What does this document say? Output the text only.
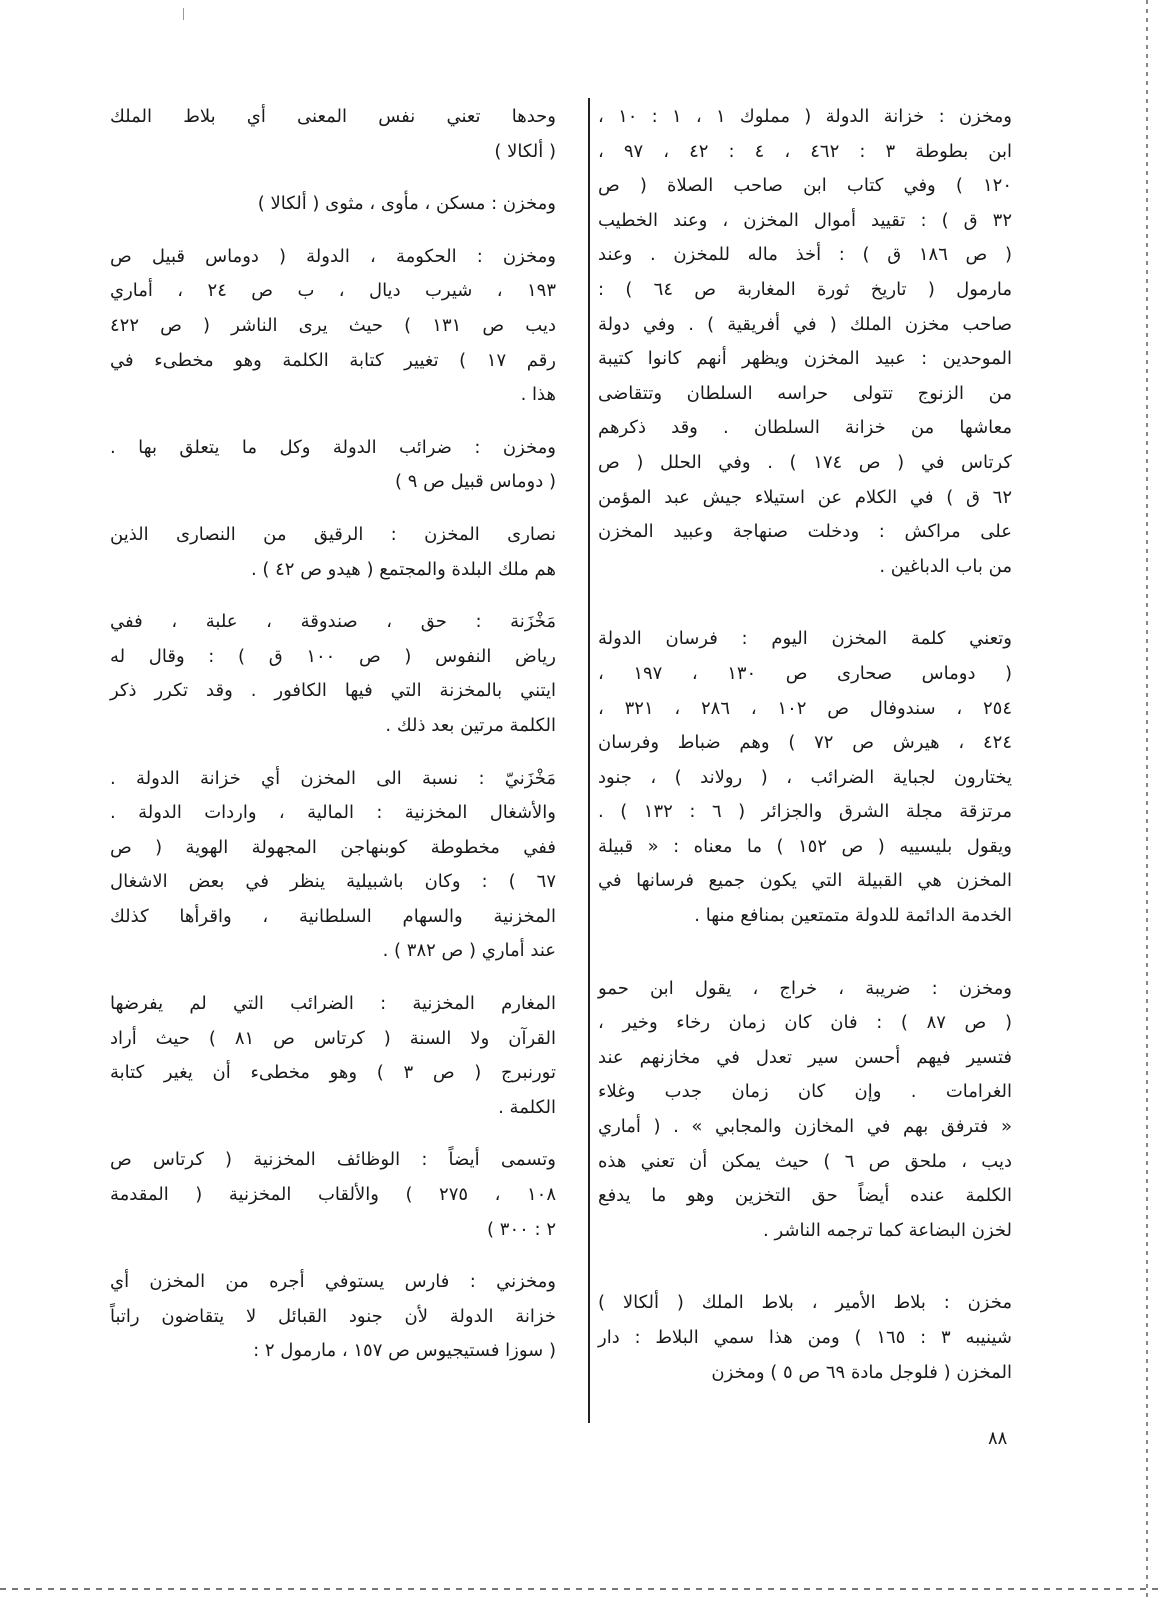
ومخزن : خزانة الدولة ( مملوك ١ ، ١ : ١٠ ،
ابن بطوطة ٣ : ٤٦٢ ، ٤ : ٤٢ ، ٩٧ ،
١٢٠ ) وفي كتاب ابن صاحب الصلاة ( ص
٣٢ ق ) : تقييد أموال المخزن ، وعند الخطيب
( ص ١٨٦ ق ) : أخذ ماله للمخزن . وعند
مارمول ( تاريخ ثورة المغاربة ص ٦٤ ) :
صاحب مخزن الملك ( في أفريقية ) . وفي دولة
الموحدين : عبيد المخزن ويظهر أنهم كانوا كتيبة
من الزنوج تتولى حراسه السلطان وتتقاضى
معاشها من خزانة السلطان . وقد ذكرهم
كرتاس في ( ص ١٧٤ ) . وفي الحلل ( ص
٦٢ ق ) في الكلام عن استيلاء جيش عبد المؤمن
على مراكش : ودخلت صنهاجة وعبيد المخزن
من باب الدباغين .
وتعني كلمة المخزن اليوم : فرسان الدولة
( دوماس صحارى ص ١٣٠ ، ١٩٧ ،
٢٥٤ ، سندوفال ص ١٠٢ ، ٢٨٦ ، ٣٢١ ،
٤٢٤ ، هيرش ص ٧٢ ) وهم ضباط وفرسان
يختارون لجباية الضرائب ، ( رولاند ) ، جنود
مرتزقة مجلة الشرق والجزائر ( ٦ : ١٣٢ ) .
ويقول بليسييه ( ص ١٥٢ ) ما معناه : « قبيلة
المخزن هي القبيلة التي يكون جميع فرسانها في
الخدمة الدائمة للدولة متمتعين بمنافع منها .
ومخزن : ضريبة ، خراج ، يقول ابن حمو
( ص ٨٧ ) : فان كان زمان رخاء وخير ،
فتسير فيهم أحسن سير تعدل في مخازنهم عند
الغرامات . وإن كان زمان جدب وغلاء
« فترفق بهم في المخازن والمجابي » . ( أماري
ديب ، ملحق ص ٦ ) حيث يمكن أن تعني هذه
الكلمة عنده أيضاً حق التخزين وهو ما يدفع
لخزن البضاعة كما ترجمه الناشر .
مخزن : بلاط الأمير ، بلاط الملك ( ألكالا )
شينيبه ٣ : ١٦٥ ) ومن هذا سمي البلاط : دار
المخزن ( فلوجل مادة ٦٩ ص ٥ ) ومخزن
وحدها تعني نفس المعنى أي بلاط الملك
( ألكالا )
ومخزن : مسكن ، مأوى ، مثوى ( ألكالا )
ومخزن : الحكومة ، الدولة ( دوماس قبيل ص
١٩٣ ، شيرب ديال ، ب ص ٢٤ ، أماري
ديب ص ١٣١ ) حيث يرى الناشر ( ص ٤٢٢
رقم ١٧ ) تغيير كتابة الكلمة وهو مخطىء في
هذا .
ومخزن : ضرائب الدولة وكل ما يتعلق بها .
( دوماس قبيل ص ٩ )
نصارى المخزن : الرقيق من النصارى الذين
هم ملك البلدة والمجتمع ( هيدو ص ٤٢ ) .
مَخْزَنة : حق ، صندوقة ، علبة ، ففي
رياض النفوس ( ص ١٠٠ ق ) : وقال له
ايتني بالمخزنة التي فيها الكافور . وقد تكرر ذكر
الكلمة مرتين بعد ذلك .
مَخْزَنيّ : نسبة الى المخزن أي خزانة الدولة .
والأشغال المخزنية : المالية ، واردات الدولة .
ففي مخطوطة كوبنهاجن المجهولة الهوية ( ص
٦٧ ) : وكان باشبيلية ينظر في بعض الاشغال
المخزنية والسهام السلطانية ، واقرأها كذلك
عند أماري ( ص ٣٨٢ ) .
المغارم المخزنية : الضرائب التي لم يفرضها
القرآن ولا السنة ( كرتاس ص ٨١ ) حيث أراد
تورنبرج ( ص ٣ ) وهو مخطىء أن يغير كتابة
الكلمة .
وتسمى أيضاً : الوظائف المخزنية ( كرتاس ص
١٠٨ ، ٢٧٥ ) والألقاب المخزنية ( المقدمة
٢ : ٣٠٠ )
ومخزني : فارس يستوفي أجره من المخزن أي
خزانة الدولة لأن جنود القبائل لا يتقاضون راتباً
( سوزا فستيجيوس ص ١٥٧ ، مارمول ٢ :
٨٨
